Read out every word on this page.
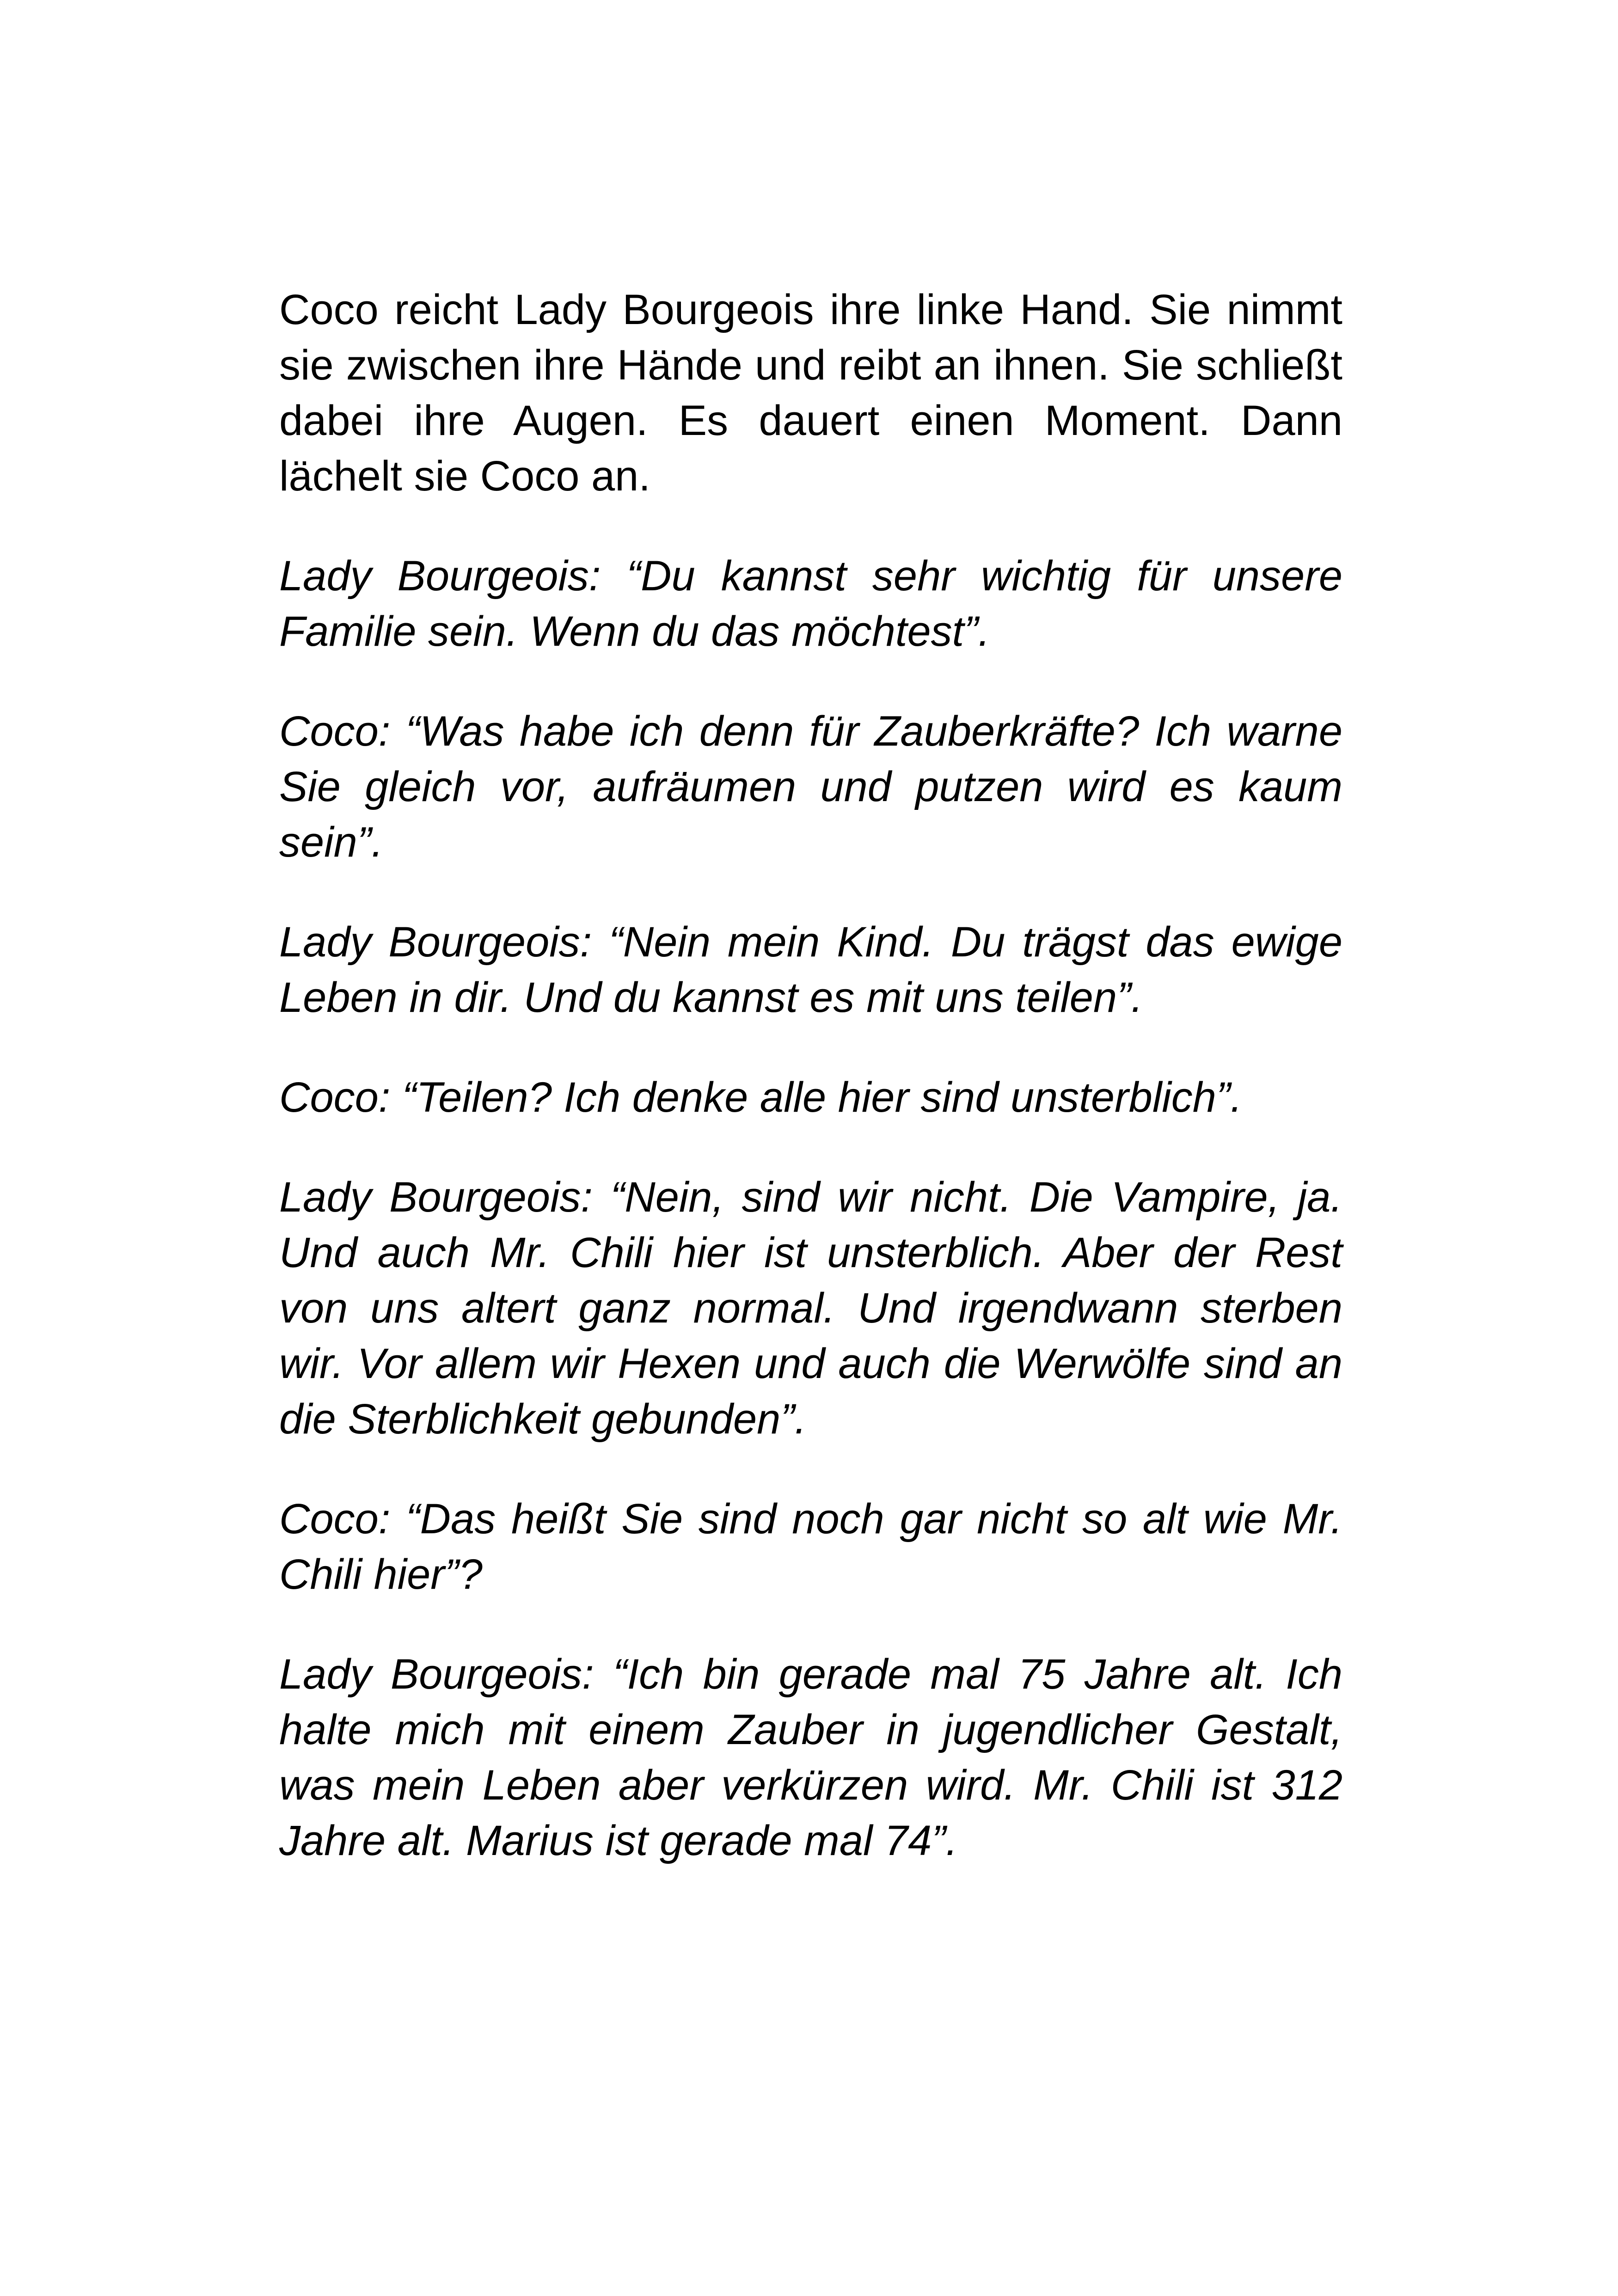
Coco reicht Lady Bourgeois ihre linke Hand. Sie nimmt sie zwischen ihre Hände und reibt an ihnen. Sie schließt dabei ihre Augen. Es dauert einen Moment. Dann lächelt sie Coco an.

Lady Bourgeois: “Du kannst sehr wichtig für unsere Familie sein. Wenn du das möchtest”.

Coco: “Was habe ich denn für Zauberkräfte? Ich warne Sie gleich vor, aufräumen und putzen wird es kaum sein”.

Lady Bourgeois: “Nein mein Kind. Du trägst das ewige Leben in dir. Und du kannst es mit uns teilen”.

Coco: “Teilen? Ich denke alle hier sind unsterblich”.

Lady Bourgeois: “Nein, sind wir nicht. Die Vampire, ja. Und auch Mr. Chili hier ist unsterblich. Aber der Rest von uns altert ganz normal. Und irgendwann sterben wir. Vor allem wir Hexen und auch die Werwölfe sind an die Sterblichkeit gebunden”.

Coco: “Das heißt Sie sind noch gar nicht so alt wie Mr. Chili hier”?

Lady Bourgeois: “Ich bin gerade mal 75 Jahre alt. Ich halte mich mit einem Zauber in jugendlicher Gestalt, was mein Leben aber verkürzen wird. Mr. Chili ist 312 Jahre alt. Marius ist gerade mal 74”.
